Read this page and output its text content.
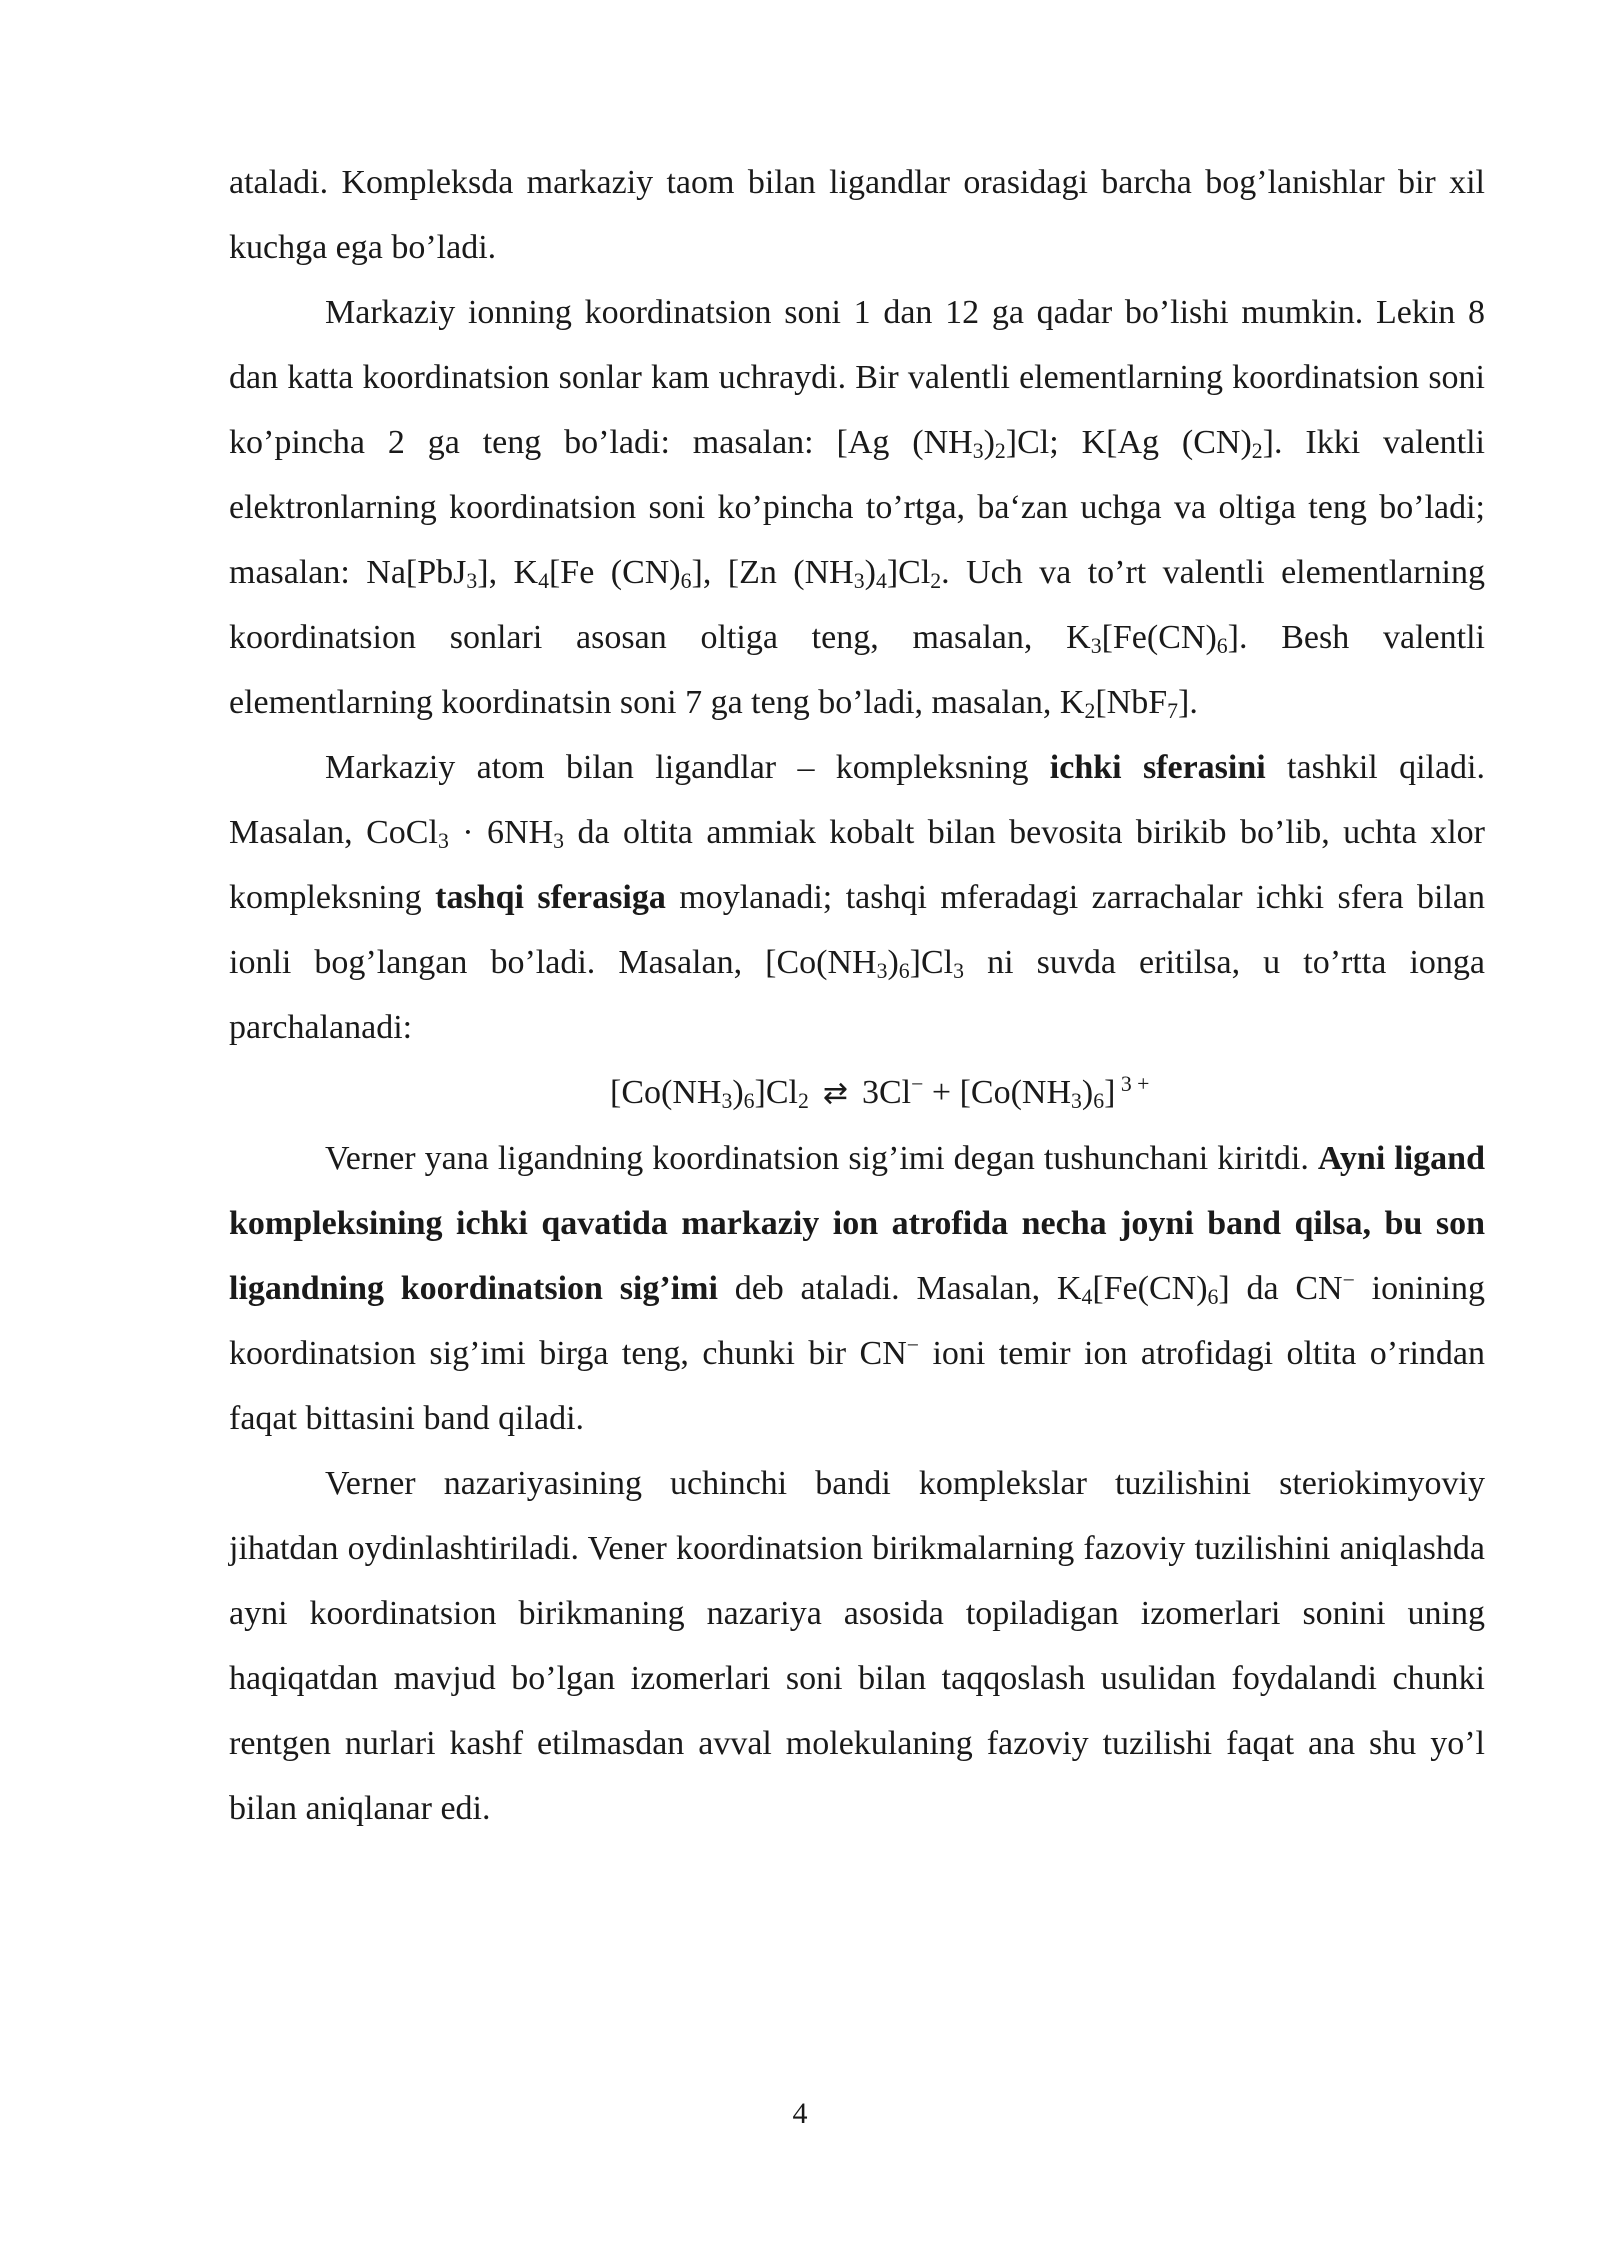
ataladi. Kompleksda markaziy taom bilan ligandlar orasidagi barcha bog’lanishlar bir xil kuchga ega bo’ladi.

Markaziy ionning koordinatsion soni 1 dan 12 ga qadar bo’lishi mumkin. Lekin 8 dan katta koordinatsion sonlar kam uchraydi. Bir valentli elementlarning koordinatsion soni ko’pincha 2 ga teng bo’ladi: masalan: [Ag $(NH_3)_2]Cl$; K[Ag $(CN)_2$]. Ikki valentli elektronlarning koordinatsion soni ko’pincha to’rtga, ba‘zan uchga va oltiga teng bo’ladi; masalan: Na[PbJ$_3$], $K_4[Fe$ $(CN)_6$], [Zn $(NH_3)_4]Cl_2$. Uch va to’rt valentli elementlarning koordinatsion sonlari asosan oltiga teng, masalan, $K_3[Fe(CN)_6]$. Besh valentli elementlarning koordinatsin soni 7 ga teng bo’ladi, masalan, $K_2[NbF_7]$.

Markaziy atom bilan ligandlar – kompleksning ichki sferasini tashkil qiladi. Masalan, CoCl$_3$ · $6NH_3$ da oltita ammiak kobalt bilan bevosita birikib bo’lib, uchta xlor kompleksning tashqi sferasiga moylanadi; tashqi mferadagi zarrachalar ichki sfera bilan ionli bog’langan bo’ladi. Masalan, $[Co(NH_3)_6]Cl_3$ ni suvda eritilsa, u to’rtta ionga parchalanadi:

$[Co(NH_3)_6]Cl_2$ ⇄ $3Cl^- + [Co(NH_3)_6]$ $^{3 +}$

Verner yana ligandning koordinatsion sig’imi degan tushunchani kiritdi. Ayni ligand kompleksining ichki qavatida markaziy ion atrofida necha joyni band qilsa, bu son ligandning koordinatsion sig’imi deb ataladi. Masalan, $K_4[Fe(CN)_6]$ da CN− ionining koordinatsion sig’imi birga teng, chunki bir CN− ioni temir ion atrofidagi oltita o’rindan faqat bittasini band qiladi.

Verner nazariyasining uchinchi bandi komplekslar tuzilishini steriokimyoviy jihatdan oydinlashtiriladi. Vener koordinatsion birikmalarning fazoviy tuzilishini aniqlashda ayni koordinatsion birikmaning nazariya asosida topiladigan izomerlari sonini uning haqiqatdan mavjud bo’lgan izomerlari soni bilan taqqoslash usulidan foydalandi chunki rentgen nurlari kashf etilmasdan avval molekulaning fazoviy tuzilishi faqat ana shu yo’l bilan aniqlanar edi.

4
